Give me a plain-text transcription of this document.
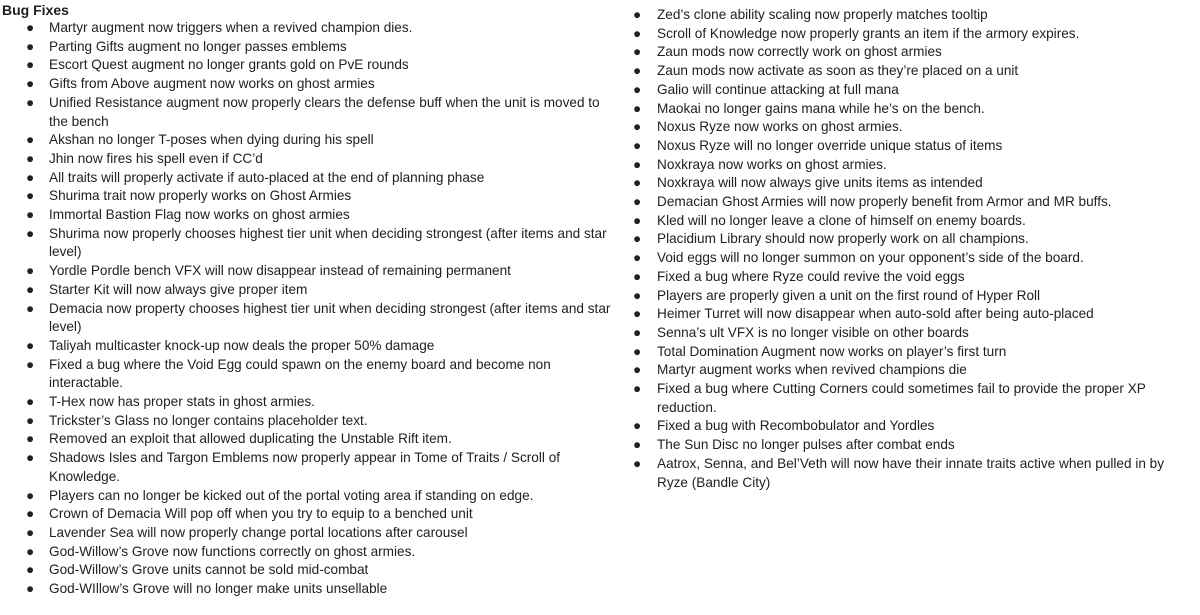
Bug Fixes
● Martyr augment now triggers when a revived champion dies.
● Parting Gifts augment no longer passes emblems
● Escort Quest augment no longer grants gold on PvE rounds
● Gifts from Above augment now works on ghost armies
● Unified Resistance augment now properly clears the defense buff when the unit is moved to the bench
● Akshan no longer T-poses when dying during his spell
● Jhin now fires his spell even if CC’d
● All traits will properly activate if auto-placed at the end of planning phase
● Shurima trait now properly works on Ghost Armies
● Immortal Bastion Flag now works on ghost armies
● Shurima now properly chooses highest tier unit when deciding strongest (after items and star level)
● Yordle Pordle bench VFX will now disappear instead of remaining permanent
● Starter Kit will now always give proper item
● Demacia now property chooses highest tier unit when deciding strongest (after items and star level)
● Taliyah multicaster knock-up now deals the proper 50% damage
● Fixed a bug where the Void Egg could spawn on the enemy board and become non interactable.
● T-Hex now has proper stats in ghost armies.
● Trickster’s Glass no longer contains placeholder text.
● Removed an exploit that allowed duplicating the Unstable Rift item.
● Shadows Isles and Targon Emblems now properly appear in Tome of Traits / Scroll of Knowledge.
● Players can no longer be kicked out of the portal voting area if standing on edge.
● Crown of Demacia Will pop off when you try to equip to a benched unit
● Lavender Sea will now properly change portal locations after carousel
● God-Willow’s Grove now functions correctly on ghost armies.
● God-Willow’s Grove units cannot be sold mid-combat
● God-WIllow’s Grove will no longer make units unsellable
● Zed’s clone ability scaling now properly matches tooltip
● Scroll of Knowledge now properly grants an item if the armory expires.
● Zaun mods now correctly work on ghost armies
● Zaun mods now activate as soon as they’re placed on a unit
● Galio will continue attacking at full mana
● Maokai no longer gains mana while he’s on the bench.
● Noxus Ryze now works on ghost armies.
● Noxus Ryze will no longer override unique status of items
● Noxkraya now works on ghost armies.
● Noxkraya will now always give units items as intended
● Demacian Ghost Armies will now properly benefit from Armor and MR buffs.
● Kled will no longer leave a clone of himself on enemy boards.
● Placidium Library should now properly work on all champions.
● Void eggs will no longer summon on your opponent’s side of the board.
● Fixed a bug where Ryze could revive the void eggs
● Players are properly given a unit on the first round of Hyper Roll
● Heimer Turret will now disappear when auto-sold after being auto-placed
● Senna’s ult VFX is no longer visible on other boards
● Total Domination Augment now works on player’s first turn
● Martyr augment works when revived champions die
● Fixed a bug where Cutting Corners could sometimes fail to provide the proper XP reduction.
● Fixed a bug with Recombobulator and Yordles
● The Sun Disc no longer pulses after combat ends
● Aatrox, Senna, and Bel’Veth will now have their innate traits active when pulled in by Ryze (Bandle City)
